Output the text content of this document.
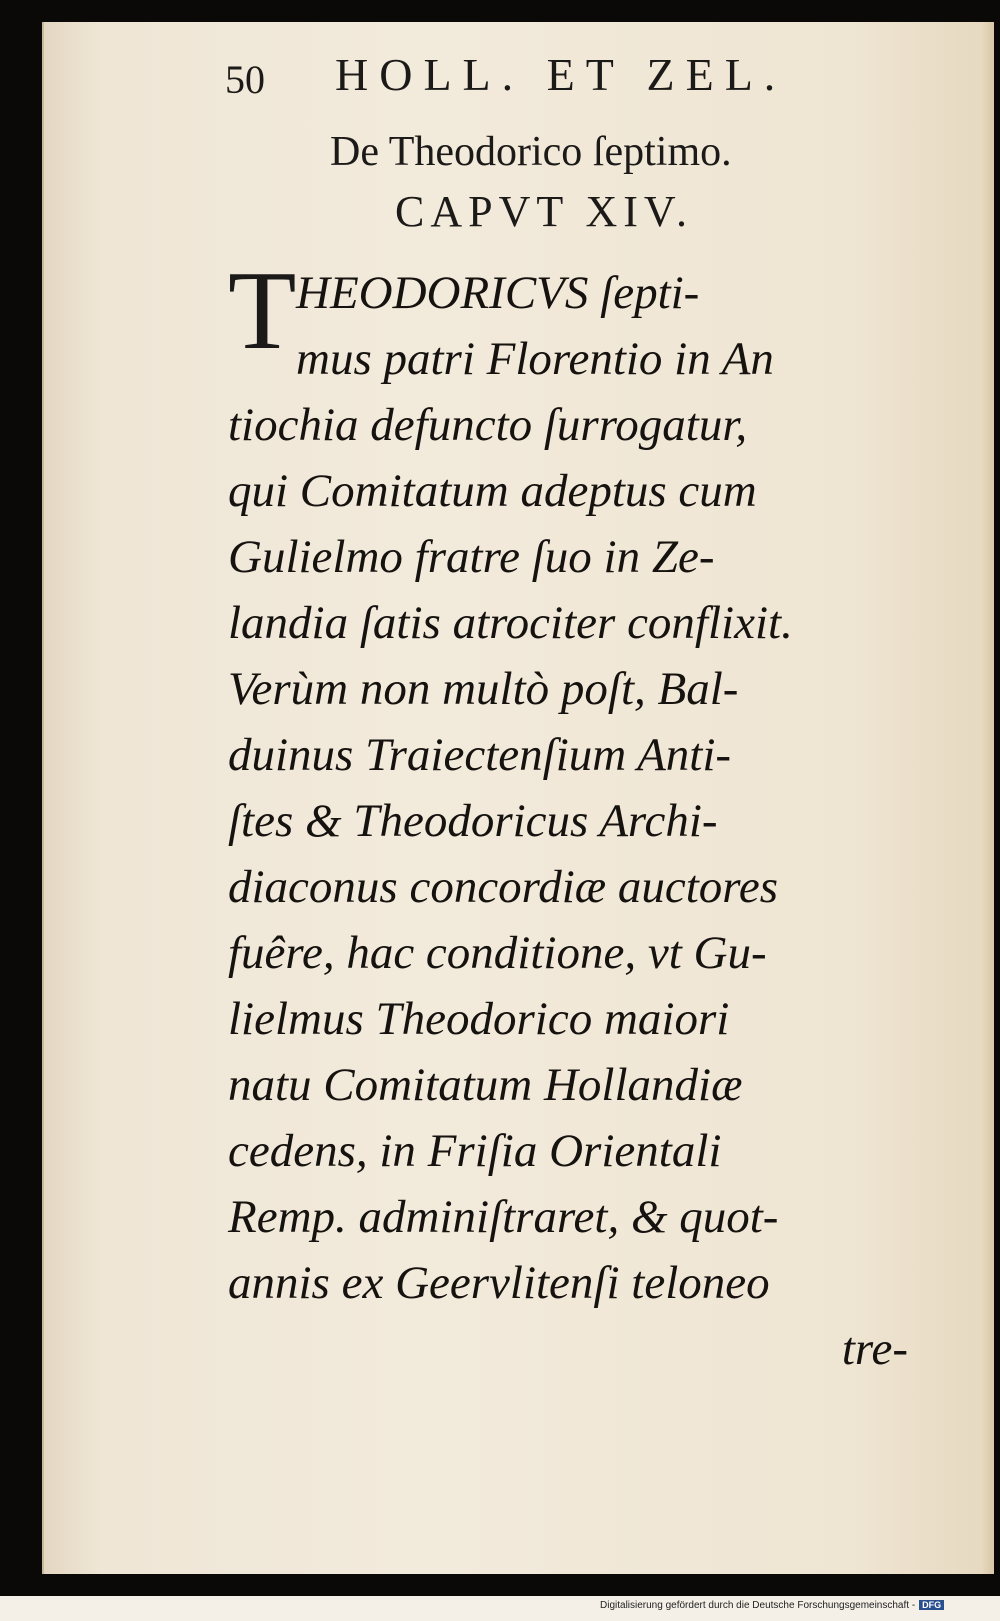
50 HOLL. ET ZEL.
De Theodorico ſeptimo.
CAPVT XIV.
T HEODORICVS ſepti-
mus patri Florentio in An
tiochia defuncto ſurrogatur,
qui Comitatum adeptus cum
Gulielmo fratre ſuo in Ze-
landia ſatis atrociter conflixit.
Verùm non multò poſt, Bal-
duinus Traiectenſium Anti-
ſtes & Theodoricus Archi-
diaconus concordiæ auctores
fuêre, hac conditione, vt Gu-
lielmus Theodorico maiori
natu Comitatum Hollandiæ
cedens, in Friſia Orientali
Remp. adminiſtraret, & quot-
annis ex Geervlitenſi teloneo
tre-
Digitalisierung gefördert durch die Deutsche Forschungsgemeinschaft - DFG
